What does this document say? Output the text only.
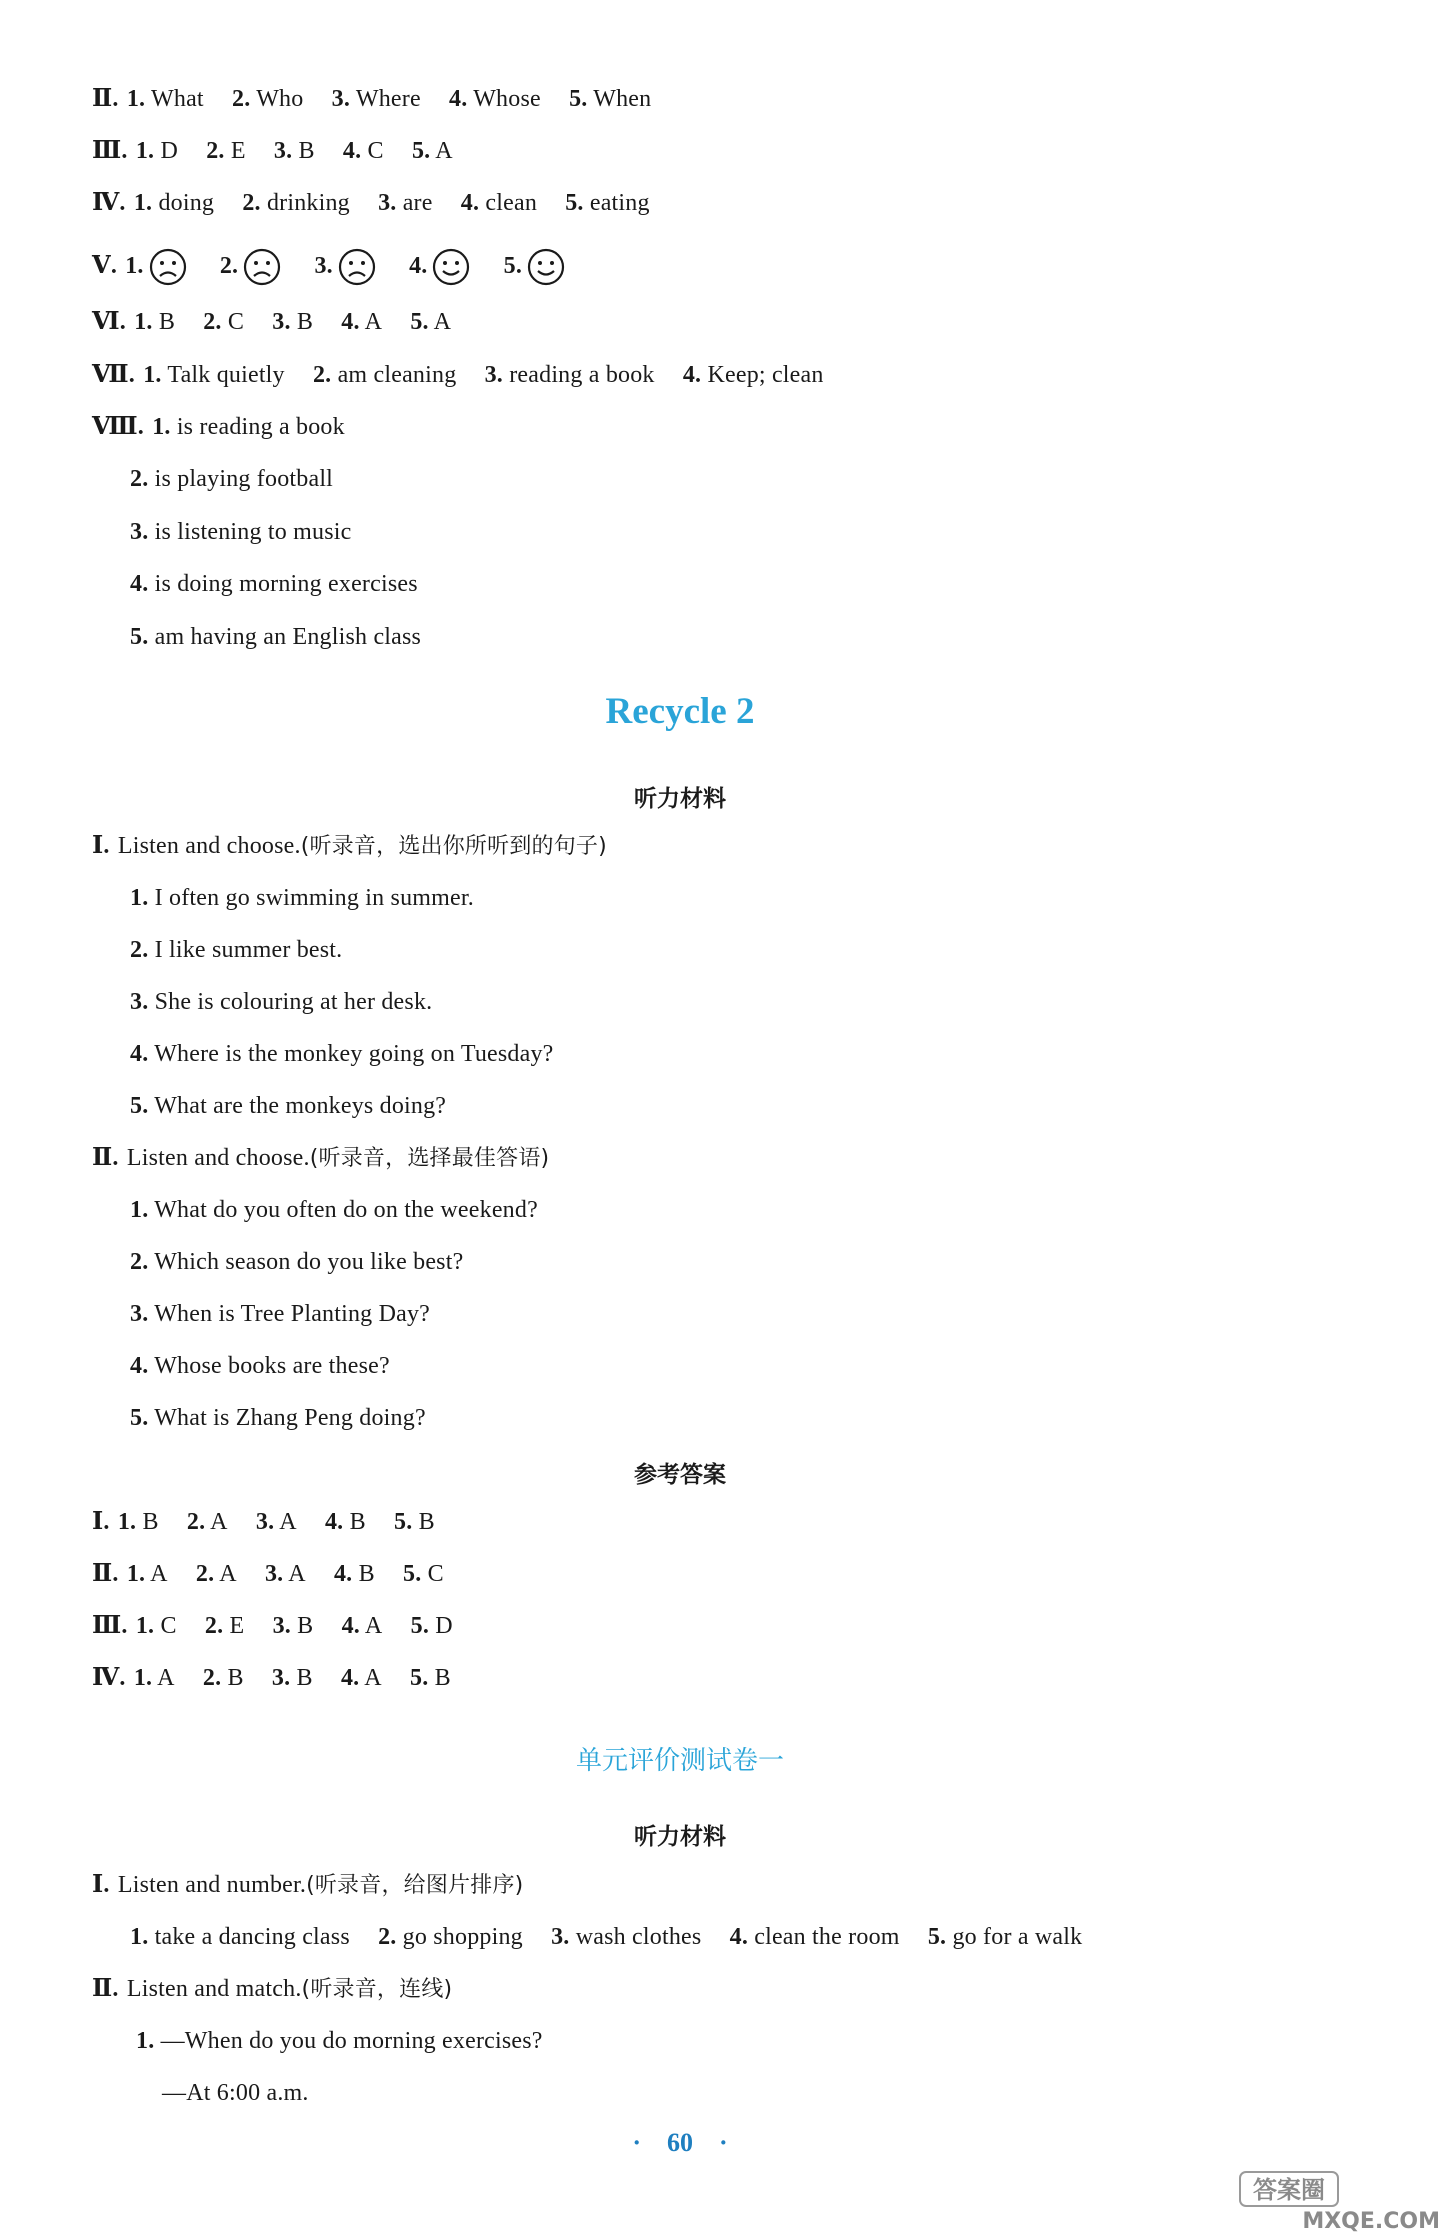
Ⅱ. 1. What 2. Who 3. Where 4. Whose 5. When
Ⅲ. 1. D 2. E 3. B 4. C 5. A
Ⅳ. 1. doing 2. drinking 3. are 4. clean 5. eating
Ⅴ. 1.	2.	3.	4.	5.
Ⅵ. 1. B 2. C 3. B 4. A 5. A
Ⅶ. 1. Talk quietly 2. am cleaning 3. reading a book 4. Keep; clean
Ⅷ. 1. is reading a book
2. is playing football
3. is listening to music
4. is doing morning exercises
5. am having an English class
Recycle 2
听力材料
Ⅰ. Listen and choose.(听录音，选出你所听到的句子)
1. I often go swimming in summer.
2. I like summer best.
3. She is colouring at her desk.
4. Where is the monkey going on Tuesday?
5. What are the monkeys doing?
Ⅱ. Listen and choose.(听录音，选择最佳答语)
1. What do you often do on the weekend?
2. Which season do you like best?
3. When is Tree Planting Day?
4. Whose books are these?
5. What is Zhang Peng doing?
参考答案
Ⅰ. 1. B 2. A 3. A 4. B 5. B
Ⅱ. 1. A 2. A 3. A 4. B 5. C
Ⅲ. 1. C 2. E 3. B 4. A 5. D
Ⅳ. 1. A 2. B 3. B 4. A 5. B
单元评价测试卷一
听力材料
Ⅰ. Listen and number.(听录音，给图片排序)
1. take a dancing class 2. go shopping 3. wash clothes 4. clean the room 5. go for a walk
Ⅱ. Listen and match.(听录音，连线)
1. —When do you do morning exercises?
—At 6:00 a.m.
· 60 ·
答案圈
MXQE.COM
